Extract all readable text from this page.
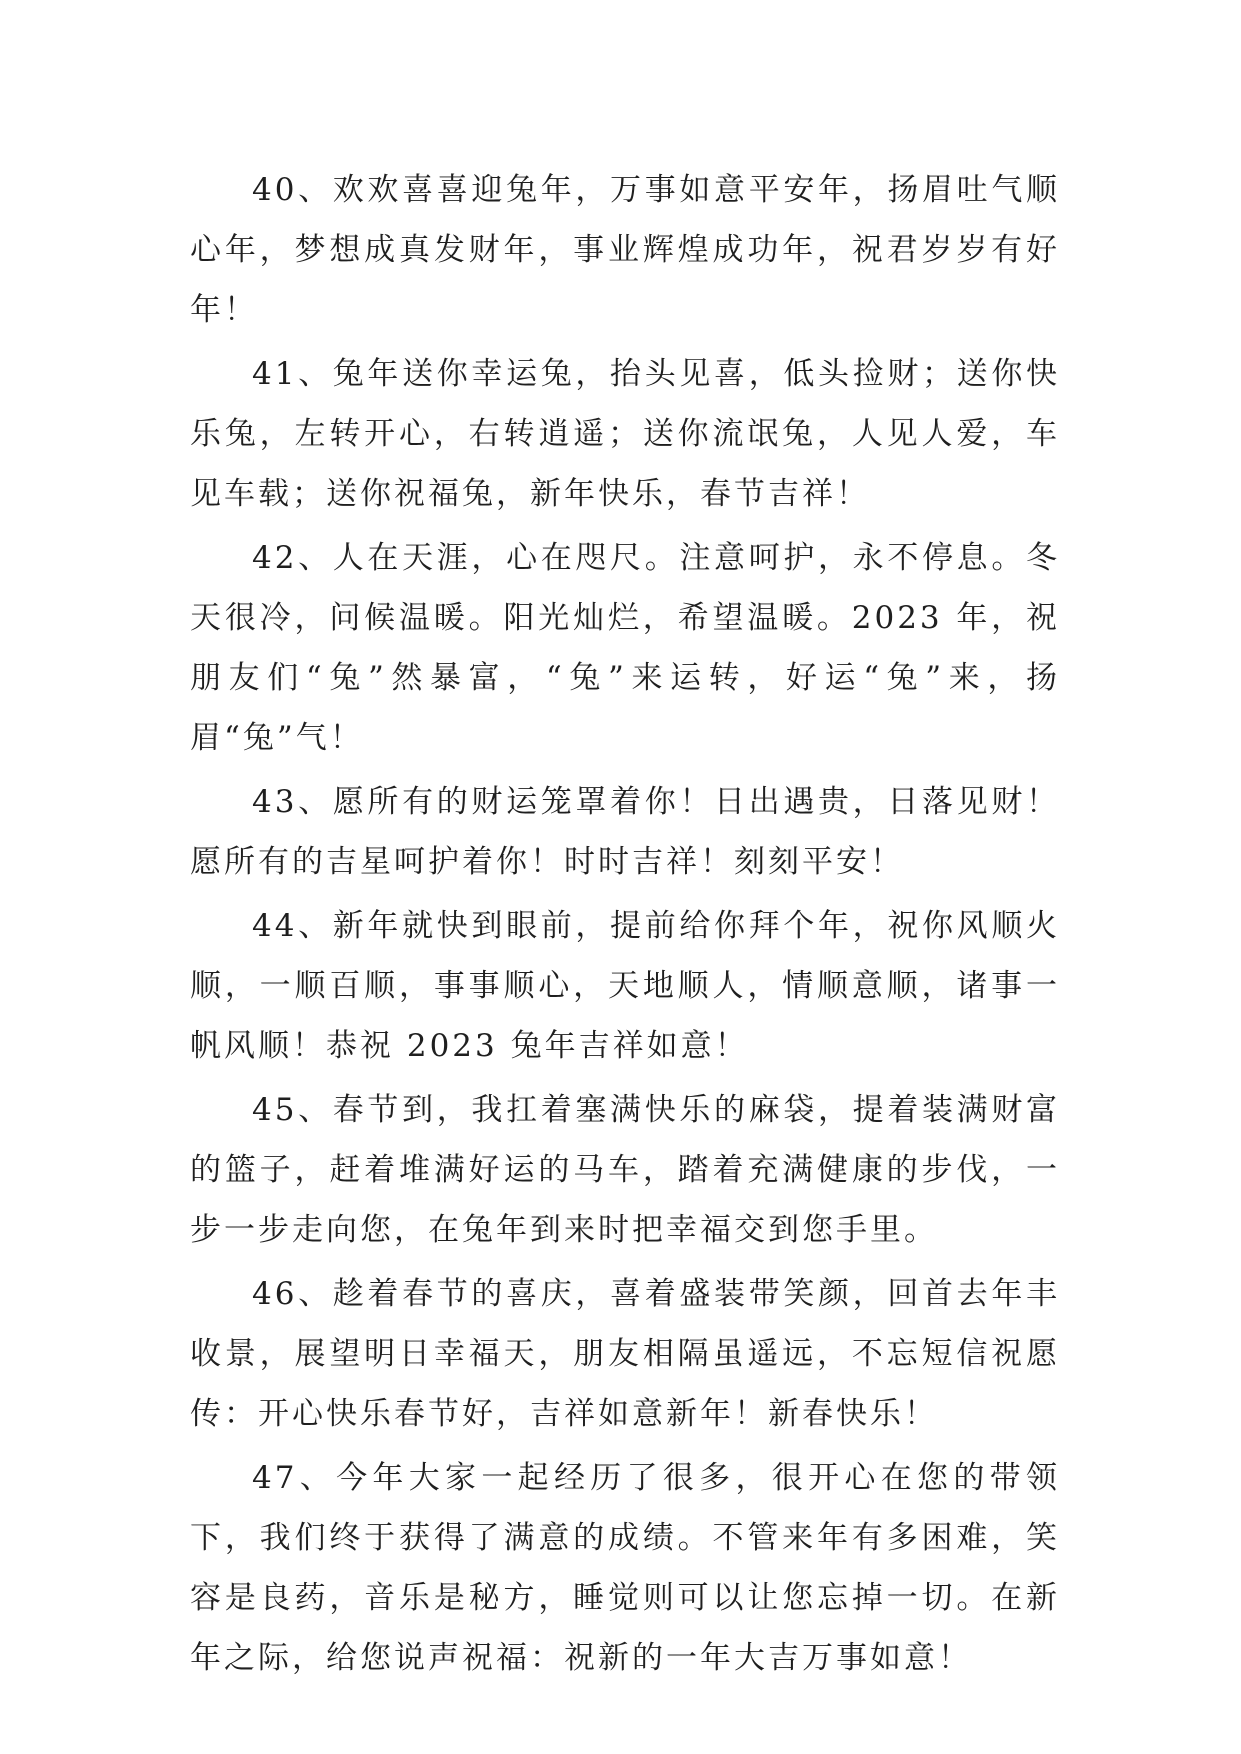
40、欢欢喜喜迎兔年，万事如意平安年，扬眉吐气顺心年，梦想成真发财年，事业辉煌成功年，祝君岁岁有好年！

41、兔年送你幸运兔，抬头见喜，低头捡财；送你快乐兔，左转开心，右转逍遥；送你流氓兔，人见人爱，车见车载；送你祝福兔，新年快乐，春节吉祥！

42、人在天涯，心在咫尺。注意呵护，永不停息。冬天很冷，问候温暖。阳光灿烂，希望温暖。2023 年，祝朋友们“兔”然暴富，“兔”来运转，好运“兔”来，扬眉“兔”气！

43、愿所有的财运笼罩着你！日出遇贵，日落见财！愿所有的吉星呵护着你！时时吉祥！刻刻平安！

44、新年就快到眼前，提前给你拜个年，祝你风顺火顺，一顺百顺，事事顺心，天地顺人，情顺意顺，诸事一帆风顺！恭祝 2023 兔年吉祥如意！

45、春节到，我扛着塞满快乐的麻袋，提着装满财富的篮子，赶着堆满好运的马车，踏着充满健康的步伐，一步一步走向您，在兔年到来时把幸福交到您手里。

46、趁着春节的喜庆，喜着盛装带笑颜，回首去年丰收景，展望明日幸福天，朋友相隔虽遥远，不忘短信祝愿传：开心快乐春节好，吉祥如意新年！新春快乐！

47、今年大家一起经历了很多，很开心在您的带领下，我们终于获得了满意的成绩。不管来年有多困难，笑容是良药，音乐是秘方，睡觉则可以让您忘掉一切。在新年之际，给您说声祝福：祝新的一年大吉万事如意！
